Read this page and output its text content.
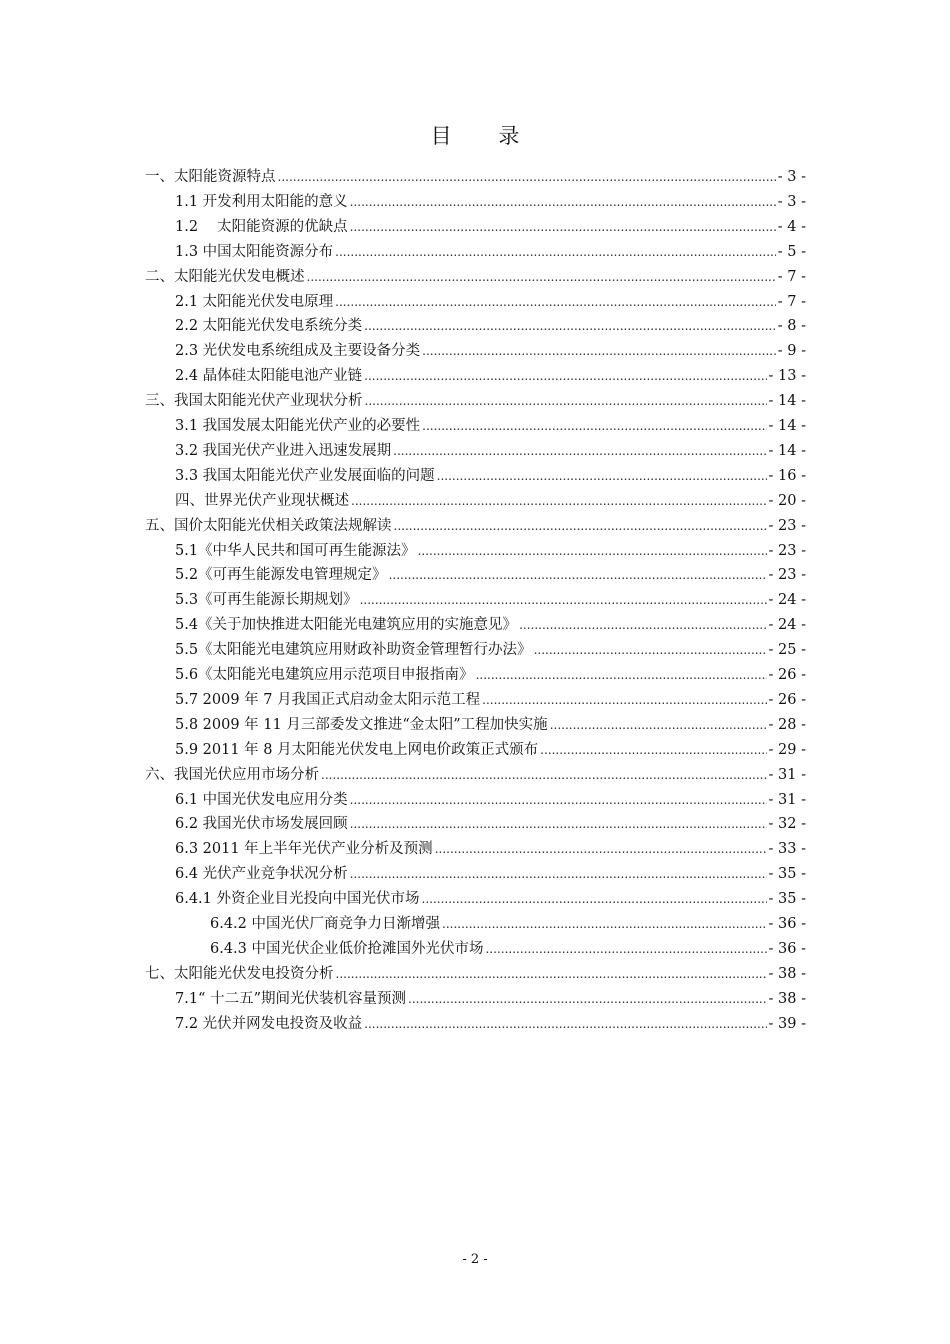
目 录
一、太阳能资源特点 .....	- 3 -
1.1 开发利用太阳能的意义 .....	- 3 -
1.2 　太阳能资源的优缺点 .....	- 4 -
1.3 中国太阳能资源分布 .....	- 5 -
二、太阳能光伏发电概述 .....	- 7 -
2.1 太阳能光伏发电原理 .....	- 7 -
2.2 太阳能光伏发电系统分类 .....	- 8 -
2.3 光伏发电系统组成及主要设备分类 .....	- 9 -
2.4 晶体硅太阳能电池产业链 .....	- 13 -
三、我国太阳能光伏产业现状分析 .....	- 14 -
3.1 我国发展太阳能光伏产业的必要性 .....	- 14 -
3.2 我国光伏产业进入迅速发展期 .....	- 14 -
3.3 我国太阳能光伏产业发展面临的问题 .....	- 16 -
四、世界光伏产业现状概述 .....	- 20 -
五、国价太阳能光伏相关政策法规解读 .....	- 23 -
5.1《中华人民共和国可再生能源法》 .....	- 23 -
5.2《可再生能源发电管理规定》 .....	- 23 -
5.3《可再生能源长期规划》 .....	- 24 -
5.4《关于加快推进太阳能光电建筑应用的实施意见》 .....	- 24 -
5.5《太阳能光电建筑应用财政补助资金管理暂行办法》 .....	- 25 -
5.6《太阳能光电建筑应用示范项目申报指南》 .....	- 26 -
5.7 2009 年 7 月我国正式启动金太阳示范工程 .....	- 26 -
5.8 2009 年 11 月三部委发文推进“金太阳”工程加快实施 .....	- 28 -
5.9 2011 年 8 月太阳能光伏发电上网电价政策正式颁布 .....	- 29 -
六、我国光伏应用市场分析 .....	- 31 -
6.1 中国光伏发电应用分类 .....	- 31 -
6.2 我国光伏市场发展回顾 .....	- 32 -
6.3 2011 年上半年光伏产业分析及预测 .....	- 33 -
6.4 光伏产业竞争状况分析 .....	- 35 -
6.4.1 外资企业目光投向中国光伏市场 .....	- 35 -
6.4.2 中国光伏厂商竞争力日渐增强 .....	- 36 -
6.4.3 中国光伏企业低价抢滩国外光伏市场 .....	- 36 -
七、太阳能光伏发电投资分析 .....	- 38 -
7.1“ 十二五”期间光伏装机容量预测 .....	- 38 -
7.2 光伏并网发电投资及收益 .....	- 39 -
- 2 -
